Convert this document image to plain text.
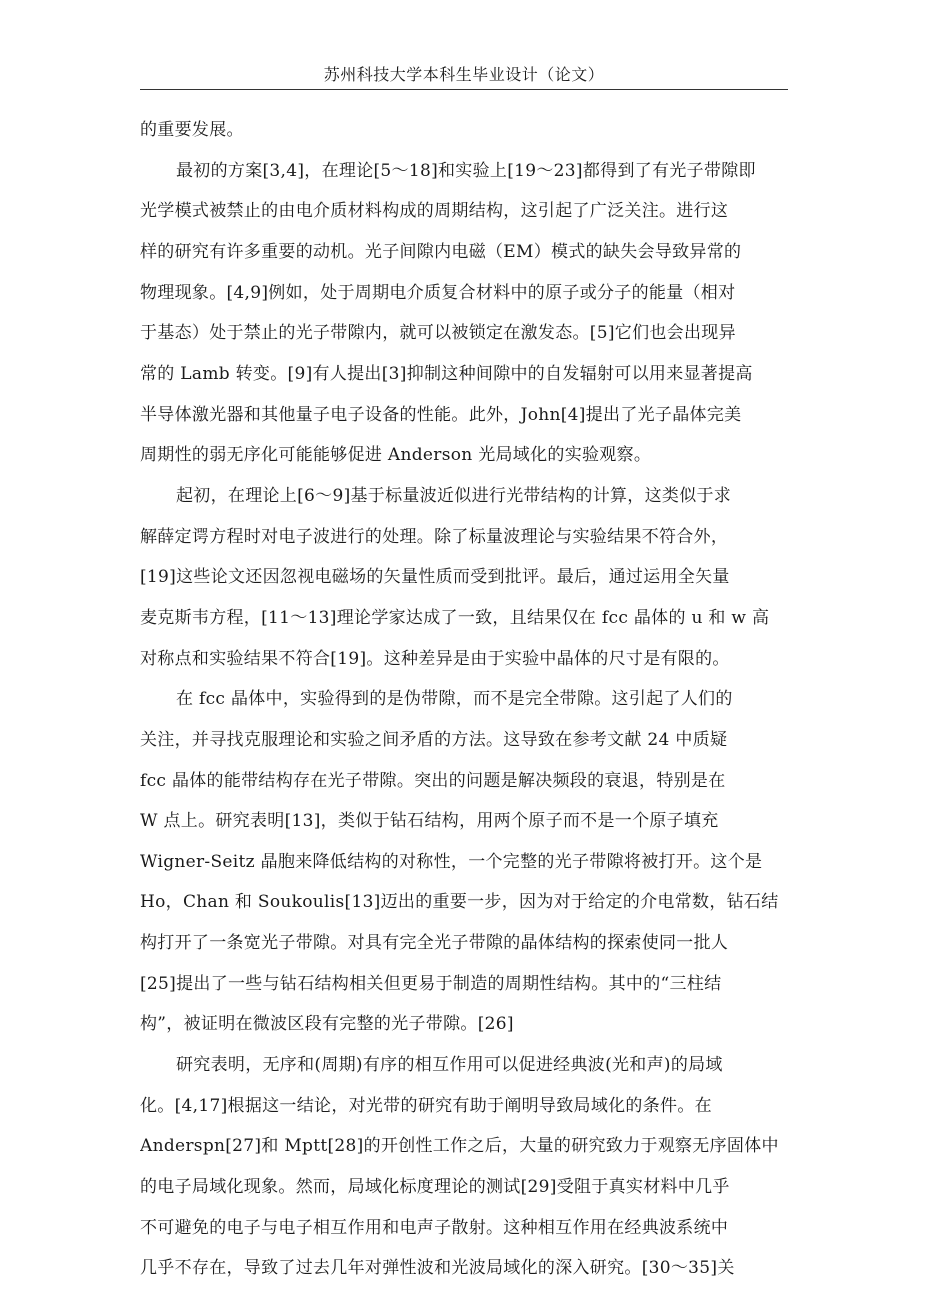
苏州科技大学本科生毕业设计（论文）
的重要发展。
最初的方案[3,4]，在理论[5～18]和实验上[19～23]都得到了有光子带隙即
光学模式被禁止的由电介质材料构成的周期结构，这引起了广泛关注。进行这
样的研究有许多重要的动机。光子间隙内电磁（EM）模式的缺失会导致异常的
物理现象。[4,9]例如，处于周期电介质复合材料中的原子或分子的能量（相对
于基态）处于禁止的光子带隙内，就可以被锁定在激发态。[5]它们也会出现异
常的 Lamb 转变。[9]有人提出[3]抑制这种间隙中的自发辐射可以用来显著提高
半导体激光器和其他量子电子设备的性能。此外，John[4]提出了光子晶体完美
周期性的弱无序化可能能够促进 Anderson 光局域化的实验观察。
起初，在理论上[6～9]基于标量波近似进行光带结构的计算，这类似于求
解薛定谔方程时对电子波进行的处理。除了标量波理论与实验结果不符合外，
[19]这些论文还因忽视电磁场的矢量性质而受到批评。最后，通过运用全矢量
麦克斯韦方程，[11～13]理论学家达成了一致，且结果仅在 fcc 晶体的 u 和 w 高
对称点和实验结果不符合[19]。这种差异是由于实验中晶体的尺寸是有限的。
在 fcc 晶体中，实验得到的是伪带隙，而不是完全带隙。这引起了人们的
关注，并寻找克服理论和实验之间矛盾的方法。这导致在参考文献 24 中质疑
fcc 晶体的能带结构存在光子带隙。突出的问题是解决频段的衰退，特别是在
W 点上。研究表明[13]，类似于钻石结构，用两个原子而不是一个原子填充
Wigner-Seitz 晶胞来降低结构的对称性，一个完整的光子带隙将被打开。这个是
Ho，Chan 和 Soukoulis[13]迈出的重要一步，因为对于给定的介电常数，钻石结
构打开了一条宽光子带隙。对具有完全光子带隙的晶体结构的探索使同一批人
[25]提出了一些与钻石结构相关但更易于制造的周期性结构。其中的“三柱结
构”，被证明在微波区段有完整的光子带隙。[26]
研究表明，无序和(周期)有序的相互作用可以促进经典波(光和声)的局域
化。[4,17]根据这一结论，对光带的研究有助于阐明导致局域化的条件。在
Anderspn[27]和 Mptt[28]的开创性工作之后，大量的研究致力于观察无序固体中
的电子局域化现象。然而，局域化标度理论的测试[29]受阻于真实材料中几乎
不可避免的电子与电子相互作用和电声子散射。这种相互作用在经典波系统中
几乎不存在，导致了过去几年对弹性波和光波局域化的深入研究。[30～35]关
